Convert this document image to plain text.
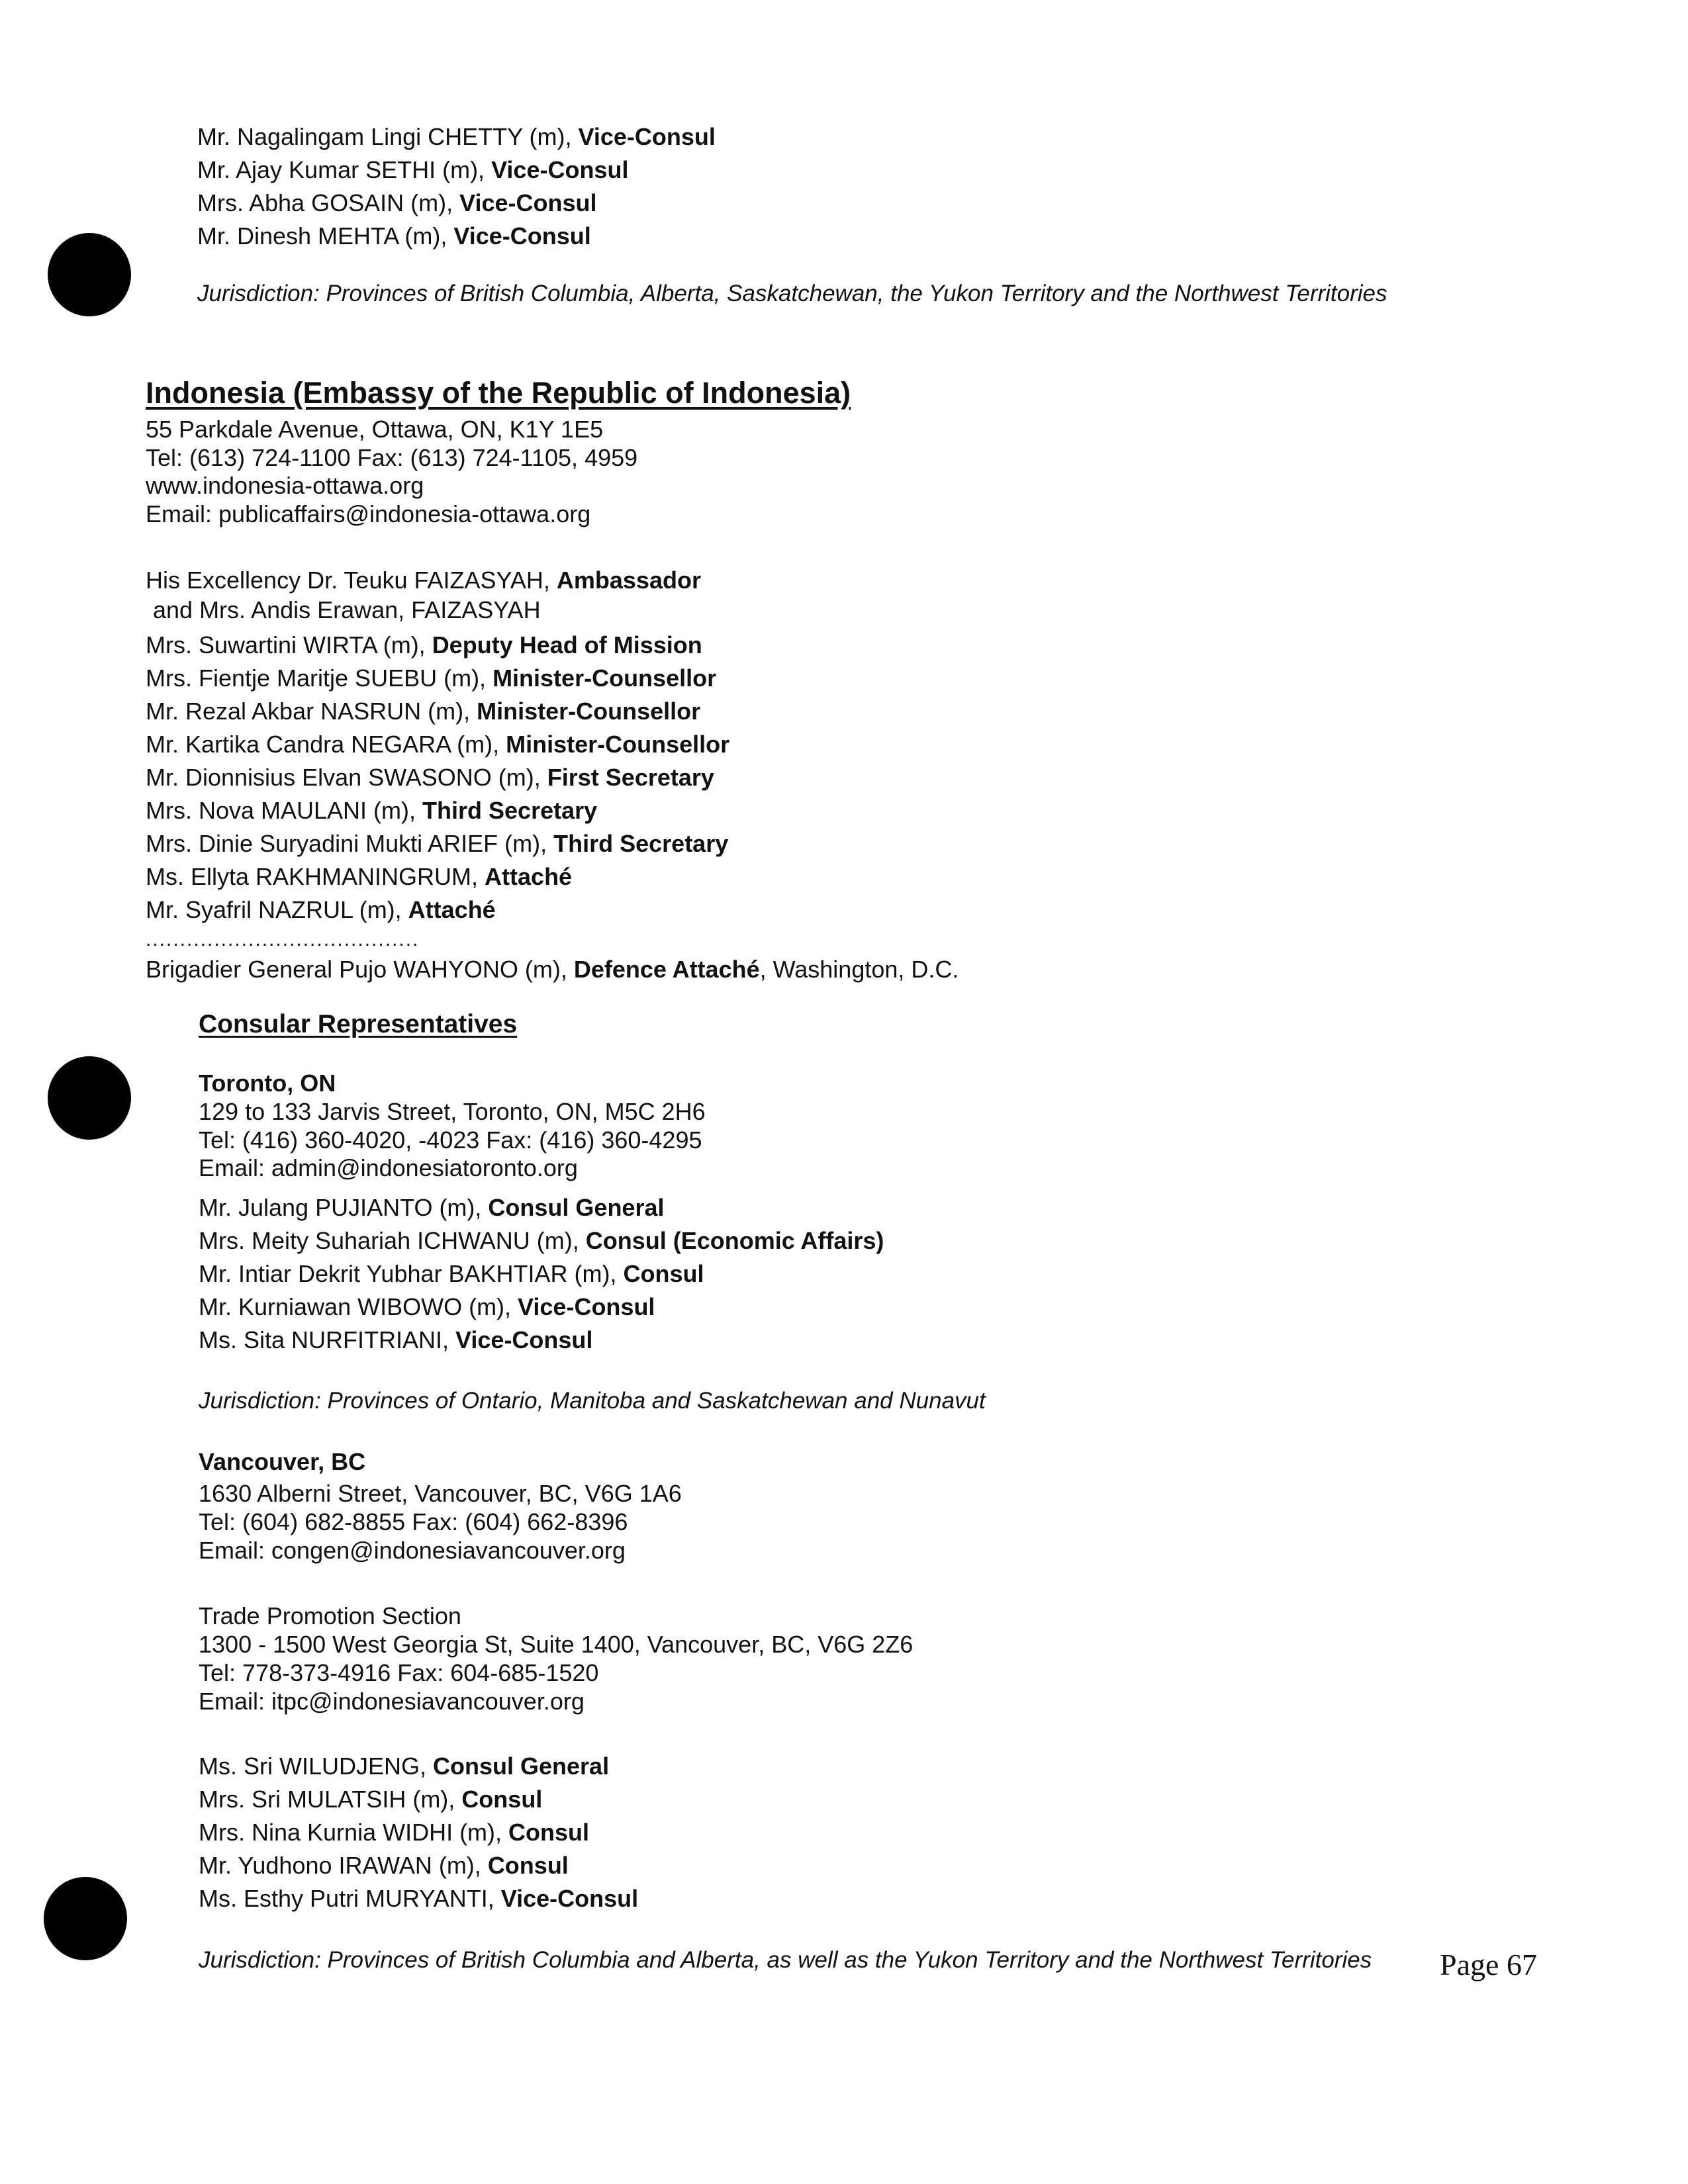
Mr. Nagalingam Lingi CHETTY (m), Vice-Consul
Mr. Ajay Kumar SETHI (m), Vice-Consul
Mrs. Abha GOSAIN (m), Vice-Consul
Mr. Dinesh MEHTA (m), Vice-Consul
Jurisdiction: Provinces of British Columbia, Alberta, Saskatchewan, the Yukon Territory and the Northwest Territories
Indonesia (Embassy of the Republic of Indonesia)
55 Parkdale Avenue, Ottawa, ON, K1Y 1E5
Tel: (613) 724-1100 Fax: (613) 724-1105, 4959
www.indonesia-ottawa.org
Email: publicaffairs@indonesia-ottawa.org
His Excellency Dr. Teuku FAIZASYAH, Ambassador
and Mrs. Andis Erawan, FAIZASYAH
Mrs. Suwartini WIRTA (m), Deputy Head of Mission
Mrs. Fientje Maritje SUEBU (m), Minister-Counsellor
Mr. Rezal Akbar NASRUN (m), Minister-Counsellor
Mr. Kartika Candra NEGARA (m), Minister-Counsellor
Mr. Dionnisius Elvan SWASONO (m), First Secretary
Mrs. Nova MAULANI (m), Third Secretary
Mrs. Dinie Suryadini Mukti ARIEF (m), Third Secretary
Ms. Ellyta RAKHMANINGRUM, Attaché
Mr. Syafril NAZRUL (m), Attaché
........................................
Brigadier General Pujo WAHYONO (m), Defence Attaché, Washington, D.C.
Consular Representatives
Toronto, ON
129 to 133 Jarvis Street, Toronto, ON, M5C 2H6
Tel: (416) 360-4020, -4023 Fax: (416) 360-4295
Email: admin@indonesiatoronto.org
Mr. Julang PUJIANTO (m), Consul General
Mrs. Meity Suhariah ICHWANU (m), Consul (Economic Affairs)
Mr. Intiar Dekrit Yubhar BAKHTIAR (m), Consul
Mr. Kurniawan WIBOWO (m), Vice-Consul
Ms. Sita NURFITRIANI, Vice-Consul
Jurisdiction: Provinces of Ontario, Manitoba and Saskatchewan and Nunavut
Vancouver, BC
1630 Alberni Street, Vancouver, BC, V6G 1A6
Tel: (604) 682-8855 Fax: (604) 662-8396
Email: congen@indonesiavancouver.org
Trade Promotion Section
1300 - 1500 West Georgia St, Suite 1400, Vancouver, BC, V6G 2Z6
Tel: 778-373-4916 Fax: 604-685-1520
Email: itpc@indonesiavancouver.org
Ms. Sri WILUDJENG, Consul General
Mrs. Sri MULATSIH (m), Consul
Mrs. Nina Kurnia WIDHI (m), Consul
Mr. Yudhono IRAWAN (m), Consul
Ms. Esthy Putri MURYANTI, Vice-Consul
Jurisdiction: Provinces of British Columbia and Alberta, as well as the Yukon Territory and the Northwest Territories Page 67
